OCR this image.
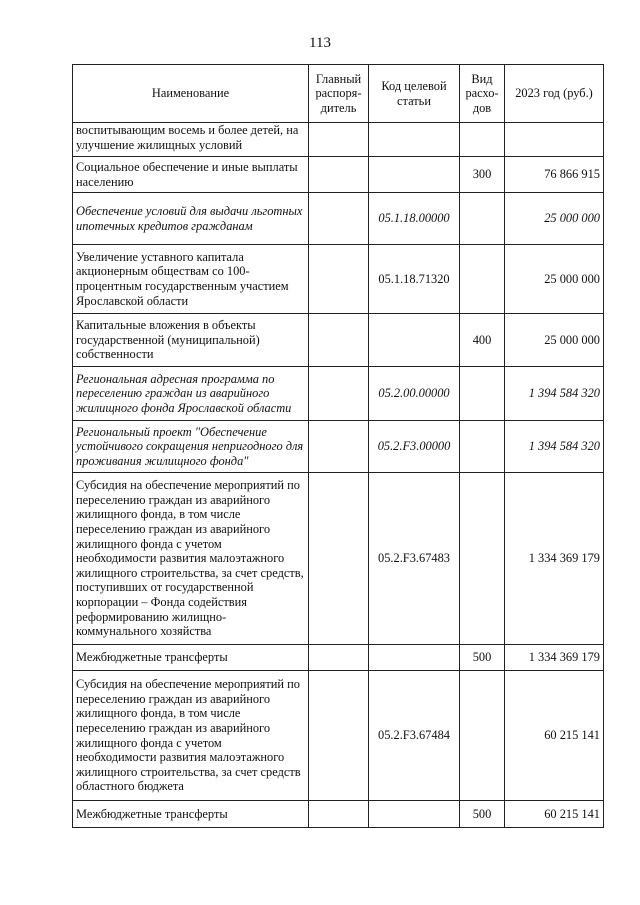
113
Наименование	Главный распоря-дитель	Код целевой статьи	Вид расхо-дов	2023 год (руб.)
воспитывающим восемь и более детей, на улучшение жилищных условий				
Социальное обеспечение и иные выплаты населению			300	76 866 915
Обеспечение условий для выдачи льготных ипотечных кредитов гражданам		05.1.18.00000		25 000 000
Увеличение уставного капитала акционерным обществам со 100-процентным государственным участием Ярославской области		05.1.18.71320		25 000 000
Капитальные вложения в объекты государственной (муниципальной) собственности			400	25 000 000
Региональная адресная программа по переселению граждан из аварийного жилищного фонда Ярославской области		05.2.00.00000		1 394 584 320
Региональный проект "Обеспечение устойчивого сокращения непригодного для проживания жилищного фонда"		05.2.F3.00000		1 394 584 320
Субсидия на обеспечение мероприятий по переселению граждан из аварийного жилищного фонда, в том числе переселению граждан из аварийного жилищного фонда с учетом необходимости развития малоэтажного жилищного строительства, за счет средств, поступивших от государственной корпорации – Фонда содействия реформированию жилищно-коммунального хозяйства		05.2.F3.67483		1 334 369 179
Межбюджетные трансферты			500	1 334 369 179
Субсидия на обеспечение мероприятий по переселению граждан из аварийного жилищного фонда, в том числе переселению граждан из аварийного жилищного фонда с учетом необходимости развития малоэтажного жилищного строительства, за счет средств областного бюджета		05.2.F3.67484		60 215 141
Межбюджетные трансферты			500	60 215 141
